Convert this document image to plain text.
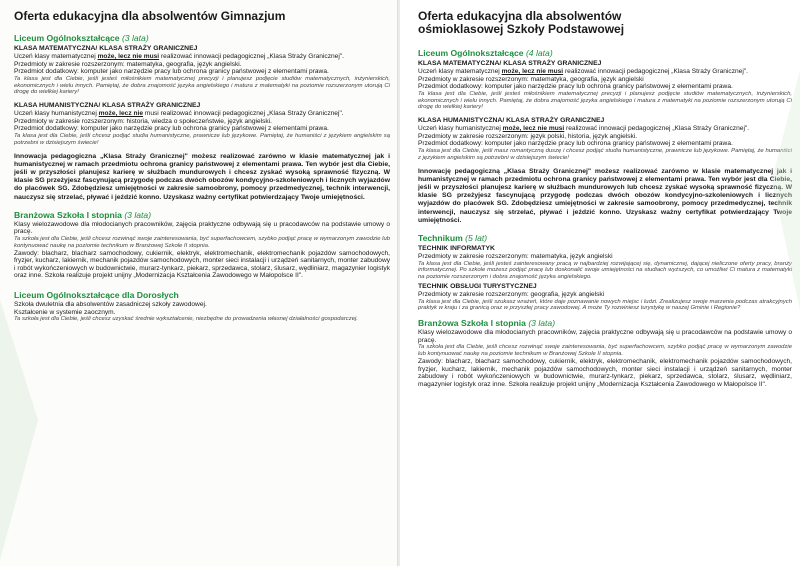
Oferta edukacyjna dla absolwentów Gimnazjum
Liceum Ogólnokształcące (3 lata)
KLASA MATEMATYCZNA/ KLASA STRAŻY GRANICZNEJ
Uczeń klasy matematycznej może, lecz nie musi realizować innowacji pedagogicznej „Klasa Straży Granicznej".
Przedmioty w zakresie rozszerzonym: matematyka, geografia, język angielski.
Przedmiot dodatkowy: komputer jako narzędzie pracy lub ochrona granicy państwowej z elementami prawa.
Ta klasa jest dla Ciebie, jeśli jesteś miłośnikiem matematycznej precyzji i planujesz podjęcie studiów matematycznych, inżynierskich, ekonomicznych i wielu innych. Pamiętaj, że dobra znajomość języka angielskiego i matura z matematyki na poziomie rozszerzonym utorują Ci drogę do wielkiej kariery!
KLASA HUMANISTYCZNA/ KLASA STRAŻY GRANICZNEJ
Uczeń klasy humanistycznej może, lecz nie musi realizować innowacji pedagogicznej „Klasa Straży Granicznej".
Przedmioty w zakresie rozszerzonym: historia, wiedza o społeczeństwie, język angielski.
Przedmiot dodatkowy: komputer jako narzędzie pracy lub ochrona granicy państwowej z elementami prawa.
Ta klasa jest dla Ciebie, jeśli chcesz podjąć studia humanistyczne, prawnicze lub językowe. Pamiętaj, że humaniści z językiem angielskim są potrzebni w dzisiejszym świecie!
Innowacja pedagogiczna „Klasa Straży Granicznej" możesz realizować zarówno w klasie matematycznej jak i humanistycznej w ramach przedmiotu ochrona granicy państwowej z elementami prawa. Ten wybór jest dla Ciebie, jeśli w przyszłości planujesz karierę w służbach mundurowych i chcesz zyskać wysoką sprawność fizyczną. W klasie SG przeżyjesz fascynującą przygodę podczas dwóch obozów kondycyjno-szkoleniowych i licznych wyjazdów do placówek SG. Zdobędziesz umiejętności w zakresie samoobrony, pomocy przedmedycznej, technik interwencji, nauczysz się strzelać, pływać i jeździć konno. Uzyskasz ważny certyfikat potwierdzający Twoje umiejętności.
Branżowa Szkoła I stopnia (3 lata)
Klasy wielozawodowe dla młodocianych pracowników, zajęcia praktyczne odbywają się u pracodawców na podstawie umowy o pracę.
Ta szkoła jest dla Ciebie, jeśli chcesz rozwinąć swoje zainteresowania, być superfachowcem, szybko podjąć pracę w wymarzonym zawodzie lub kontynuować naukę na poziomie technikum w Branżowej Szkole II stopnia.
Zawody: blacharz, blacharz samochodowy, cukiernik, elektryk, elektromechanik, elektromechanik pojazdów samochodowych, fryzjer, kucharz, lakiernik, mechanik pojazdów samochodowych, monter sieci instalacji i urządzeń sanitarnych, monter zabudowy i robót wykończeniowych w budownictwie, murarz-tynkarz, piekarz, sprzedawca, stolarz, ślusarz, wędliniarz, magazynier logistyk oraz inne. Szkoła realizuje projekt unijny „Modernizacja Kształcenia Zawodowego w Małopolsce II".
Liceum Ogólnokształcące dla Dorosłych
Szkoła dwuletnia dla absolwentów zasadniczej szkoły zawodowej.
Kształcenie w systemie zaocznym.
Ta szkoła jest dla Ciebie, jeśli chcesz uzyskać średnie wykształcenie, niezbędne do prowadzenia własnej działalności gospodarczej.
Oferta edukacyjna dla absolwentów
ośmioklasowej Szkoły Podstawowej
Liceum Ogólnokształcące (4 lata)
KLASA MATEMATYCZNA/ KLASA STRAŻY GRANICZNEJ
Uczeń klasy matematycznej może, lecz nie musi realizować innowacji pedagogicznej „Klasa Straży Granicznej".
Przedmioty w zakresie rozszerzonym: matematyka, geografia, język angielski
Przedmiot dodatkowy: komputer jako narzędzie pracy lub ochrona granicy państwowej z elementami prawa.
Ta klasa jest dla Ciebie, jeśli jesteś miłośnikiem matematycznej precyzji i planujesz podjęcie studiów matematycznych, inżynierskich, ekonomicznych i wielu innych. Pamiętaj, że dobra znajomość języka angielskiego i matura z matematyki na poziomie rozszerzonym utorują Ci drogę do wielkiej kariery!
KLASA HUMANISTYCZNA/ KLASA STRAŻY GRANICZNEJ
Uczeń klasy humanistycznej może, lecz nie musi realizować innowacji pedagogicznej „Klasa Straży Granicznej".
Przedmioty w zakresie rozszerzonym: język polski, historia, język angielski.
Przedmiot dodatkowy: komputer jako narzędzie pracy lub ochrona granicy państwowej z elementami prawa.
Ta klasa jest dla Ciebie, jeśli masz romantyczną duszę i chcesz podjąć studia humanistyczne, prawnicze lub językowe. Pamiętaj, że humaniści z językiem angielskim są potrzebni w dzisiejszym świecie!
Innowację pedagogiczną „Klasa Straży Granicznej" możesz realizować zarówno w klasie matematycznej jak i humanistycznej w ramach przedmiotu ochrona granicy państwowej z elementami prawa. Ten wybór jest dla Ciebie, jeśli w przyszłości planujesz karierę w służbach mundurowych lub chcesz zyskać wysoką sprawność fizyczną. W klasie SG przeżyjesz fascynującą przygodę podczas dwóch obozów kondycyjno-szkoleniowych i licznych wyjazdów do placówek SG. Zdobędziesz umiejętności w zakresie samoobrony, pomocy przedmedycznej, technik interwencji, nauczysz się strzelać, pływać i jeździć konno. Uzyskasz ważny certyfikat potwierdzający Twoje umiejętności.
Technikum (5 lat)
TECHNIK INFORMATYK
Przedmioty w zakresie rozszerzonym: matematyka, język angielski
Ta klasa jest dla Ciebie, jeśli jesteś zainteresowany pracą w najbardziej rozwijającej się, dynamicznej, dającej nieliczone oferty pracy, branży informatycznej. Po szkole możesz podjąć pracę lub doskonalić swoje umiejętności na studiach wyższych, co umożliwi Ci matura z matematyki na poziomie rozszerzonym i dobra znajomość języka angielskiego.
TECHNIK OBSŁUGI TURYSTYCZNEJ
Przedmioty w zakresie rozszerzonym: geografia, język angielski
Ta klasa jest dla Ciebie, jeśli szukasz wrażeń, które daje poznawanie nowych miejsc i ludzi. Zrealizujesz swoje marzenia podczas atrakcyjnych praktyk w kraju i za granicą oraz w przyszłej pracy zawodowej. A może Ty rozwiniesz turystykę w naszej Gminie i Regionie?
Branżowa Szkoła I stopnia (3 lata)
Klasy wielozawodowe dla młodocianych pracowników, zajęcia praktyczne odbywają się u pracodawców na podstawie umowy o pracę.
Ta szkoła jest dla Ciebie, jeśli chcesz rozwinąć swoje zainteresowania, być superfachowcem, szybko podjąć pracę w wymarzonym zawodzie lub kontynuować naukę na poziomie technikum w Branżowej Szkole II stopnia.
Zawody: blacharz, blacharz samochodowy, cukiernik, elektryk, elektromechanik, elektromechanik pojazdów samochodowych, fryzjer, kucharz, lakiernik, mechanik pojazdów samochodowych, monter sieci instalacji i urządzeń sanitarnych, monter zabudowy i robót wykończeniowych w budownictwie, murarz-tynkarz, piekarz, sprzedawca, stolarz, ślusarz, wędliniarz, magazynier logistyk oraz inne. Szkoła realizuje projekt unijny „Modernizacja Kształcenia Zawodowego w Małopolsce II".
